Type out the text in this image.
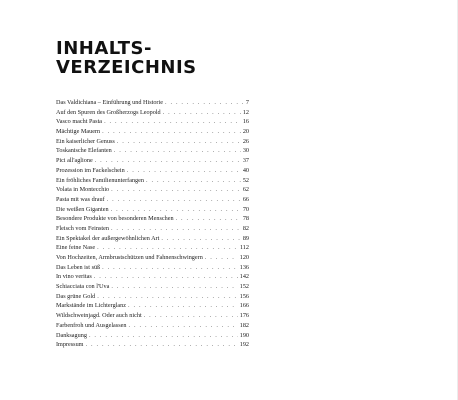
INHALTS-
VERZEICHNIS
Das Valdichiana – Einführung und Historie . . .	7
Auf den Spuren des Großherzogs Leopold . . .	12
Vasco macht Pasta . . .	16
Mächtige Mauern . . .	20
Ein kaiserlicher Genuss . . .	26
Toskanische Elefanten . . .	30
Pici all'aglione . . .	37
Prozession im Fackelschein . . .	40
Ein fröhliches Familienunterfangen . . .	52
Volata in Montecchio . . .	62
Pasta mit was drauf . . .	66
Die weißen Giganten . . .	70
Besondere Produkte von besonderen Menschen . . .	78
Fleisch vom Feinsten . . .	82
Ein Spektakel der außergewöhnlichen Art . . .	89
Eine feine Nase . . .	112
Von Hochzeiten, Armbrustschützen und Fahnenschwingern . . .	120
Das Leben ist süß . . .	136
In vino veritas . . .	142
Schiacciata con l'Uva . . .	152
Das grüne Gold . . .	156
Markstände im Lichterglanz . . .	166
Wildschweinjagd. Oder auch nicht . . .	176
Farbenfroh und Ausgelassen . . .	182
Danksagung . . .	190
Impressum . . .	192
